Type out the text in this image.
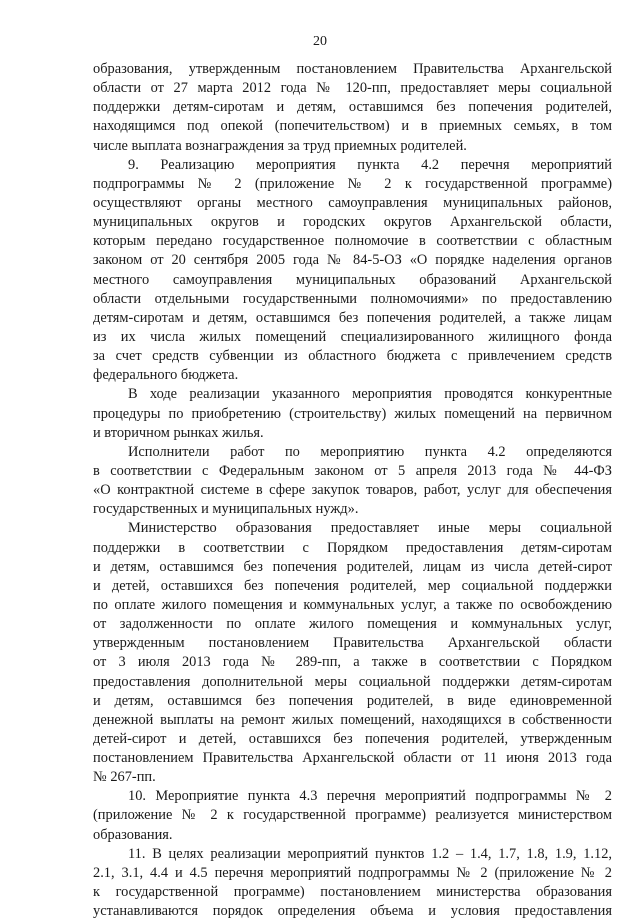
20

образования, утвержденным постановлением Правительства Архангельской
области от 27 марта 2012 года № 120-пп, предоставляет меры социальной
поддержки детям-сиротам и детям, оставшимся без попечения родителей,
находящимся под опекой (попечительством) и в приемных семьях, в том
числе выплата вознаграждения за труд приемных родителей.

9. Реализацию мероприятия пункта 4.2 перечня мероприятий
подпрограммы № 2 (приложение № 2 к государственной программе)
осуществляют органы местного самоуправления муниципальных районов,
муниципальных округов и городских округов Архангельской области,
которым передано государственное полномочие в соответствии с областным
законом от 20 сентября 2005 года № 84-5-ОЗ «О порядке наделения органов
местного самоуправления муниципальных образований Архангельской
области отдельными государственными полномочиями» по предоставлению
детям-сиротам и детям, оставшимся без попечения родителей, а также лицам
из их числа жилых помещений специализированного жилищного фонда
за счет средств субвенции из областного бюджета с привлечением средств
федерального бюджета.

В ходе реализации указанного мероприятия проводятся конкурентные
процедуры по приобретению (строительству) жилых помещений на первичном
и вторичном рынках жилья.

Исполнители работ по мероприятию пункта 4.2 определяются
в соответствии с Федеральным законом от 5 апреля 2013 года № 44-ФЗ
«О контрактной системе в сфере закупок товаров, работ, услуг для обеспечения
государственных и муниципальных нужд».

Министерство образования предоставляет иные меры социальной
поддержки в соответствии с Порядком предоставления детям-сиротам
и детям, оставшимся без попечения родителей, лицам из числа детей-сирот
и детей, оставшихся без попечения родителей, мер социальной поддержки
по оплате жилого помещения и коммунальных услуг, а также по освобождению
от задолженности по оплате жилого помещения и коммунальных услуг,
утвержденным постановлением Правительства Архангельской области
от 3 июля 2013 года № 289-пп, а также в соответствии с Порядком
предоставления дополнительной меры социальной поддержки детям-сиротам
и детям, оставшимся без попечения родителей, в виде единовременной
денежной выплаты на ремонт жилых помещений, находящихся в собственности
детей-сирот и детей, оставшихся без попечения родителей, утвержденным
постановлением Правительства Архангельской области от 11 июня 2013 года
№ 267-пп.

10. Мероприятие пункта 4.3 перечня мероприятий подпрограммы № 2
(приложение № 2 к государственной программе) реализуется министерством
образования.

11. В целях реализации мероприятий пунктов 1.2 – 1.4, 1.7, 1.8, 1.9, 1.12,
2.1, 3.1, 4.4 и 4.5 перечня мероприятий подпрограммы № 2 (приложение № 2
к государственной программе) постановлением министерства образования
устанавливаются порядок определения объема и условия предоставления
